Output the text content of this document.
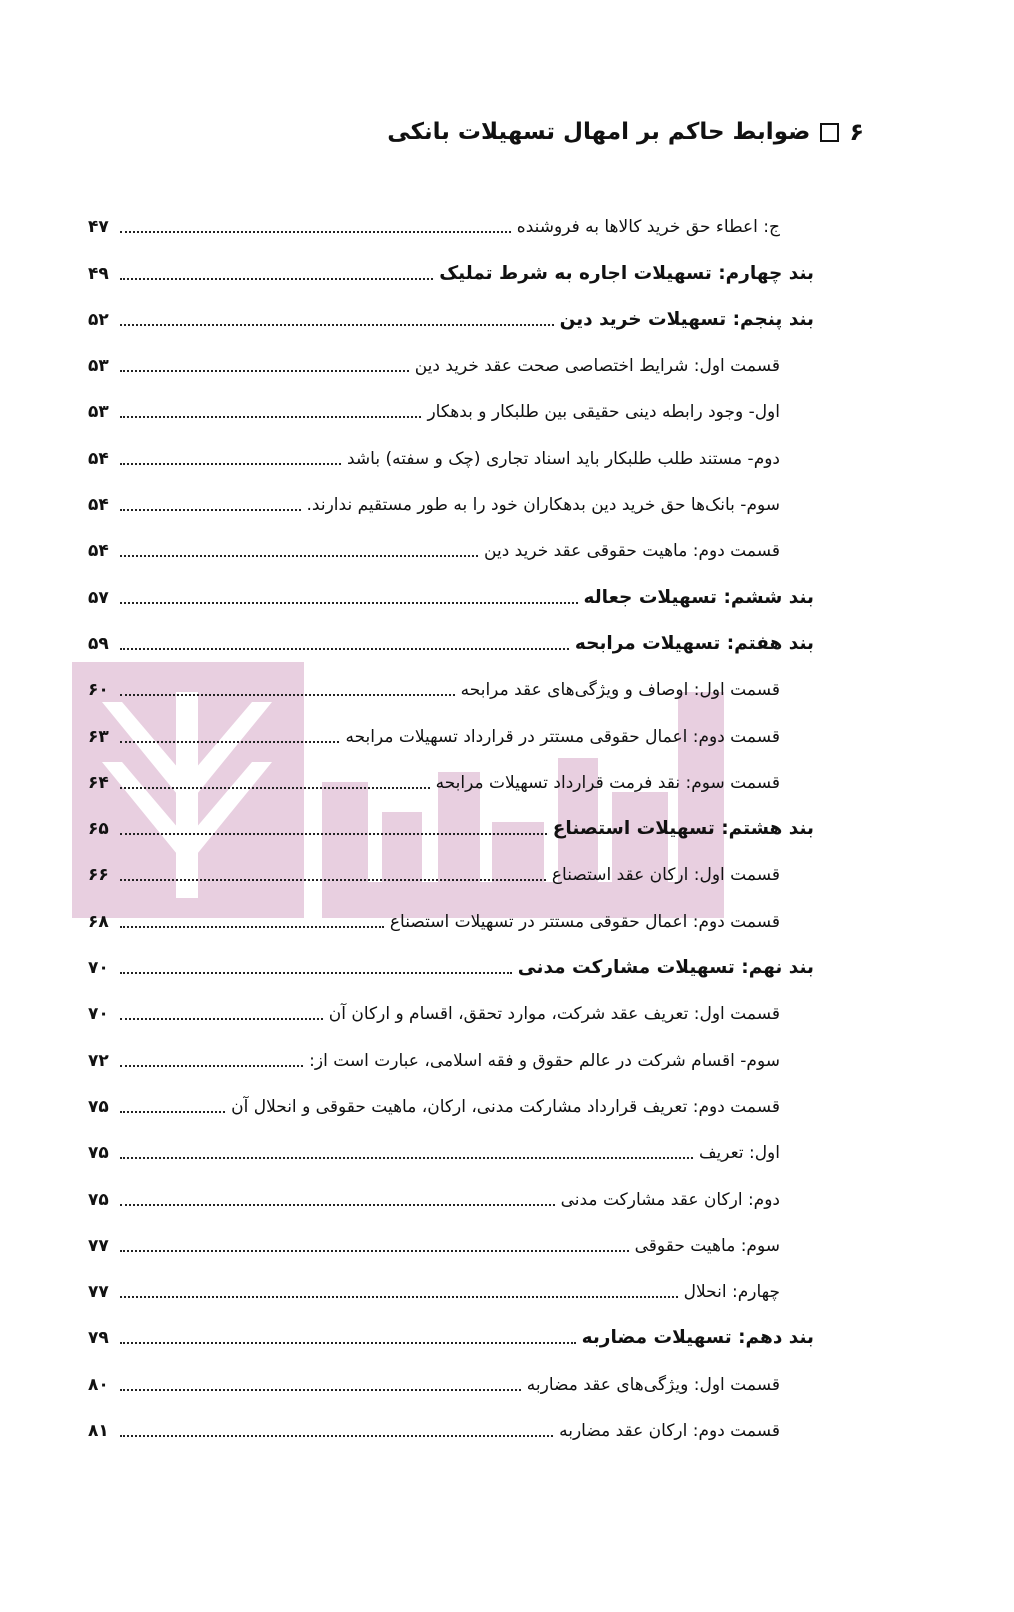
۶
ضوابط حاکم بر امهال تسهیلات بانکی
ج: اعطاء حق خرید کالاها به فروشنده
۴۷
بند چهارم: تسهیلات اجاره به شرط تملیک
۴۹
بند پنجم: تسهیلات خرید دین
۵۲
قسمت اول: شرایط اختصاصی صحت عقد خرید دین
۵۳
اول- وجود رابطه دینی حقیقی بین طلبکار و بدهکار
۵۳
دوم- مستند طلب طلبکار باید اسناد تجاری (چک و سفته) باشد
۵۴
سوم- بانک‌ها حق خرید دین بدهکاران خود را به طور مستقیم ندارند.
۵۴
قسمت دوم: ماهیت حقوقی عقد خرید دین
۵۴
بند ششم: تسهیلات جعاله
۵۷
بند هفتم: تسهیلات مرابحه
۵۹
قسمت اول: اوصاف و ویژگی‌های عقد مرابحه
۶۰
قسمت دوم: اعمال حقوقی مستتر در قرارداد تسهیلات مرابحه
۶۳
قسمت سوم: نقد فرمت قرارداد تسهیلات مرابحه
۶۴
بند هشتم: تسهیلات استصناع
۶۵
قسمت اول: ارکان عقد استصناع
۶۶
قسمت دوم: اعمال حقوقی مستتر در تسهیلات استصناع
۶۸
بند نهم: تسهیلات مشارکت مدنی
۷۰
قسمت اول: تعریف عقد شرکت، موارد تحقق، اقسام و ارکان آن
۷۰
سوم- اقسام شرکت در عالم حقوق و فقه اسلامی، عبارت است از:
۷۲
قسمت دوم: تعریف قرارداد مشارکت مدنی، ارکان، ماهیت حقوقی و انحلال آن
۷۵
اول: تعریف
۷۵
دوم: ارکان عقد مشارکت مدنی
۷۵
سوم: ماهیت حقوقی
۷۷
چهارم: انحلال
۷۷
بند دهم: تسهیلات مضاربه
۷۹
قسمت اول: ویژگی‌های عقد مضاربه
۸۰
قسمت دوم: ارکان عقد مضاربه
۸۱
